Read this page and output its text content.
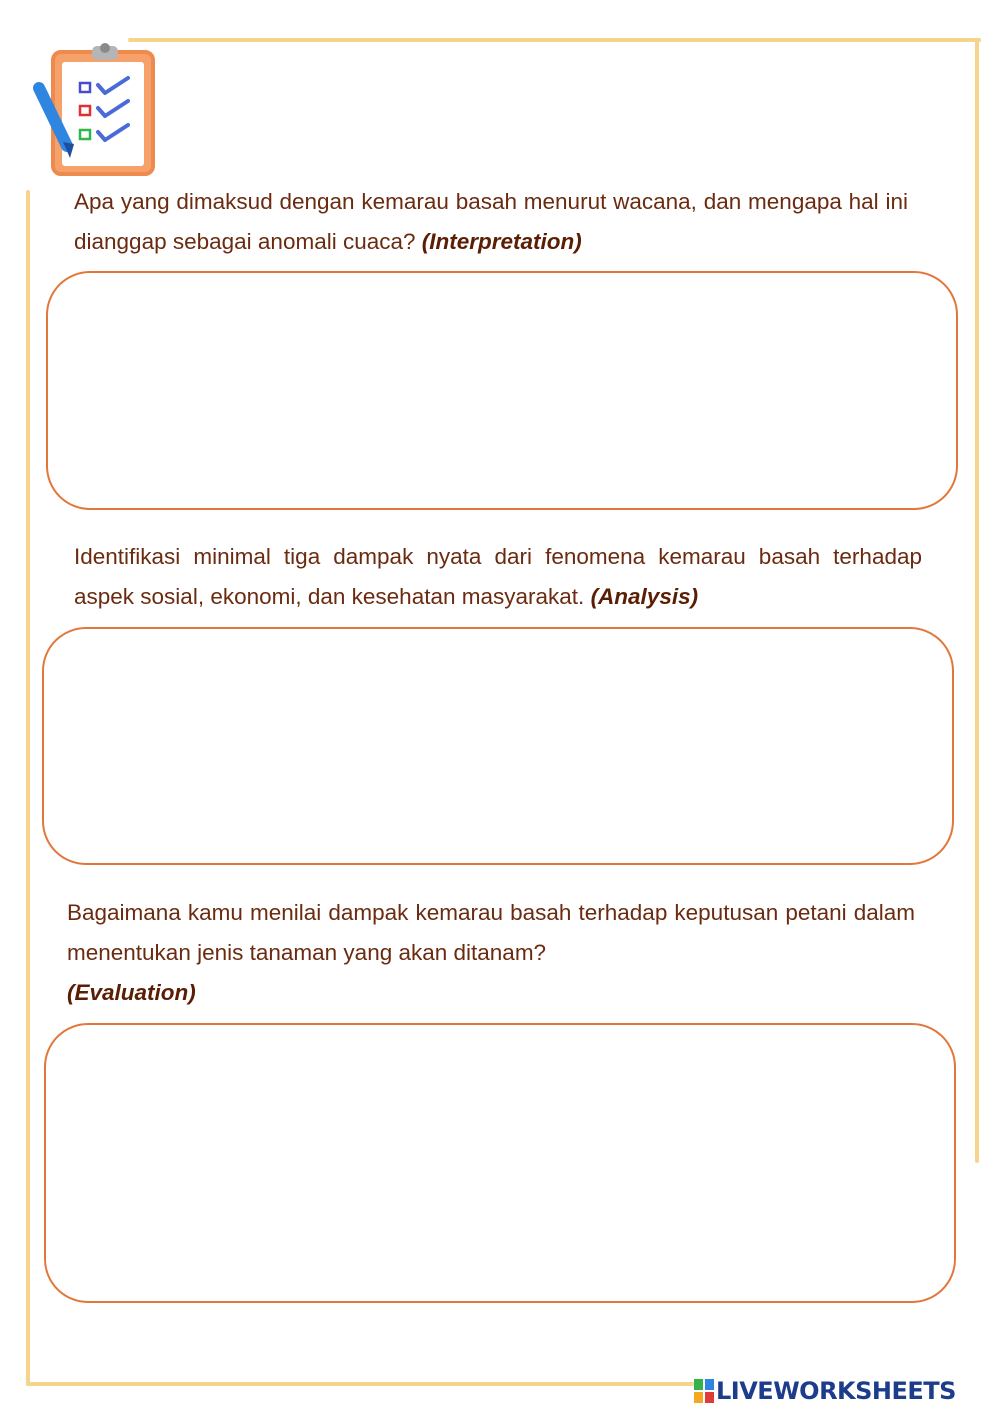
Apa yang dimaksud dengan kemarau basah menurut wacana, dan mengapa hal ini dianggap sebagai anomali cuaca? (Interpretation)

Identifikasi minimal tiga dampak nyata dari fenomena kemarau basah terhadap aspek sosial, ekonomi, dan kesehatan masyarakat. (Analysis)

Bagaimana kamu menilai dampak kemarau basah terhadap keputusan petani dalam menentukan jenis tanaman yang akan ditanam?
(Evaluation)

LIVEWORKSHEETS
